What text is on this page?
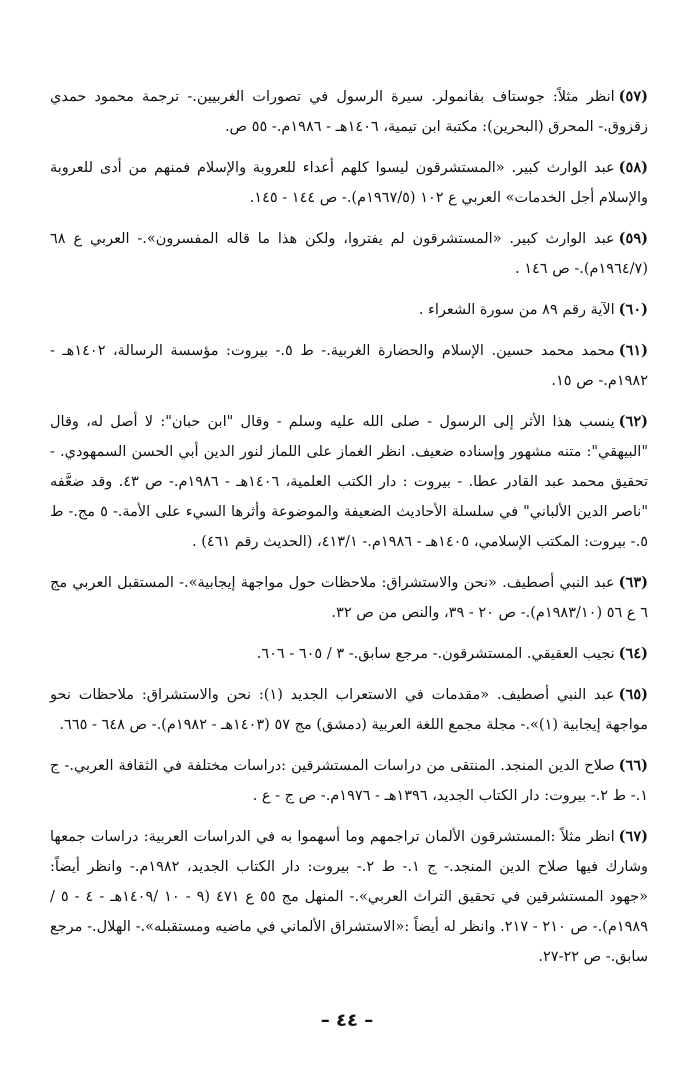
(٥٧)انظر مثلاً: جوستاف بفانمولر. سيرة الرسول في تصورات الغربيين.- ترجمة محمود حمدي زقزوق.- المحرق (البحرين): مكتبة ابن تيمية، ١٤٠٦هـ - ١٩٨٦م.- ٥٥ ص.
(٥٨)عبد الوارث كبير. «المستشرقون ليسوا كلهم أعداء للعروبة والإسلام فمنهم من أدى للعروبة والإسلام أجل الخدمات» العربي ع ١٠٢ (١٩٦٧/٥م).- ص ١٤٤ - ١٤٥.
(٥٩)عبد الوارث كبير. «المستشرقون لم يفتروا، ولكن هذا ما قاله المفسرون».- العربي ع ٦٨ (١٩٦٤/٧م).- ص ١٤٦ .
(٦٠)الآية رقم ٨٩ من سورة الشعراء .
(٦١)محمد محمد حسين. الإسلام والحضارة الغربية.- ط ٥.- بيروت: مؤسسة الرسالة، ١٤٠٢هـ - ١٩٨٢م.- ص ١٥.
(٦٢)ينسب هذا الأثر إلى الرسول - صلى الله عليه وسلم - وقال "ابن حبان": لا أصل له، وقال "البيهقي": متنه مشهور وإسناده ضعيف. انظر الغماز على اللماز لنور الدين أبي الحسن السمهودي. - تحقيق محمد عبد القادر عطا. - بيروت : دار الكتب العلمية، ١٤٠٦هـ - ١٩٨٦م.- ص ٤٣. وقد ضعَّفه "ناصر الدين الألباني" في سلسلة الأحاديث الضعيفة والموضوعة وأثرها السيء على الأمة.- ٥ مج.- ط ٥.- بيروت: المكتب الإسلامي، ١٤٠٥هـ - ١٩٨٦م.- ٤١٣/١، (الحديث رقم ٤٦١) .
(٦٣)عبد النبي أصطيف. «نحن والاستشراق: ملاحظات حول مواجهة إيجابية».- المستقبل العربي مج ٦ ع ٥٦ (١٩٨٣/١٠م).- ص ٢٠ - ٣٩، والنص من ص ٣٢.
(٦٤)نجيب العقيقي. المستشرقون.- مرجع سابق.- ٣ / ٦٠٥ - ٦٠٦.
(٦٥)عبد النبي أصطيف. «مقدمات في الاستعراب الجديد (١): نحن والاستشراق: ملاحظات نحو مواجهة إيجابية (١)».- مجلة مجمع اللغة العربية (دمشق) مج ٥٧ (١٤٠٣هـ - ١٩٨٢م).- ص ٦٤٨ - ٦٦٥.
(٦٦)صلاح الدين المنجد. المنتقى من دراسات المستشرقين :دراسات مختلفة في الثقافة العربي.- ج ١.- ط ٢.- بيروت: دار الكتاب الجديد، ١٣٩٦هـ - ١٩٧٦م.- ص ج - ع .
(٦٧)انظر مثلاً :المستشرقون الألمان تراجمهم وما أسهموا به في الدراسات العربية: دراسات جمعها وشارك فيها صلاح الدين المنجد.- ج ١.- ط ٢.- بيروت: دار الكتاب الجديد، ١٩٨٢م.- وانظر أيضاً: «جهود المستشرقين في تحقيق التراث العربي».- المنهل مج ٥٥ ع ٤٧١ (٩ - ١٠ /١٤٠٩هـ - ٤ - ٥ /١٩٨٩م).- ص ٢١٠ - ٢١٧. وانظر له أيضاً :«الاستشراق الألماني في ماضيه ومستقبله».- الهلال.- مرجع سابق.- ص ٢٢-٢٧.
– ٤٤ –
